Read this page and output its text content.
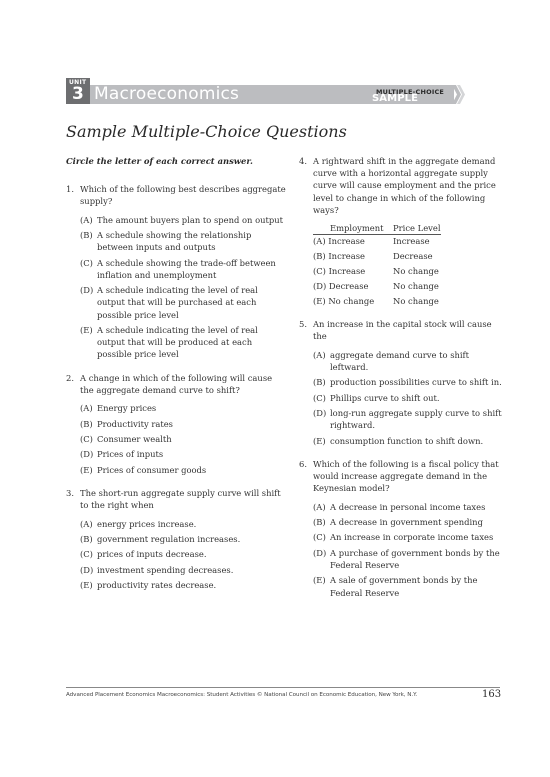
UNIT
3 Macroeconomics	MULTIPLE-CHOICE
SAMPLE QUESTIONS
Sample Multiple-Choice Questions
Circle the letter of each correct answer.
1. Which of the following best describes aggregate supply?
(A) The amount buyers plan to spend on output
(B) A schedule showing the relationship between inputs and outputs
(C) A schedule showing the trade-off between inflation and unemployment
(D) A schedule indicating the level of real output that will be purchased at each possible price level
(E) A schedule indicating the level of real output that will be produced at each possible price level
2. A change in which of the following will cause the aggregate demand curve to shift?
(A) Energy prices
(B) Productivity rates
(C) Consumer wealth
(D) Prices of inputs
(E) Prices of consumer goods
3. The short-run aggregate supply curve will shift to the right when
(A) energy prices increase.
(B) government regulation increases.
(C) prices of inputs decrease.
(D) investment spending decreases.
(E) productivity rates decrease.
4. A rightward shift in the aggregate demand curve with a horizontal aggregate supply curve will cause employment and the price level to change in which of the following ways?
Employment	Price Level
(A) Increase	Increase
(B) Increase	Decrease
(C) Increase	No change
(D) Decrease	No change
(E) No change	No change
5. An increase in the capital stock will cause the
(A) aggregate demand curve to shift leftward.
(B) production possibilities curve to shift in.
(C) Phillips curve to shift out.
(D) long-run aggregate supply curve to shift rightward.
(E) consumption function to shift down.
6. Which of the following is a fiscal policy that would increase aggregate demand in the Keynesian model?
(A) A decrease in personal income taxes
(B) A decrease in government spending
(C) An increase in corporate income taxes
(D) A purchase of government bonds by the Federal Reserve
(E) A sale of government bonds by the Federal Reserve
Advanced Placement Economics Macroeconomics: Student Activities © National Council on Economic Education, New York, N.Y.	163
